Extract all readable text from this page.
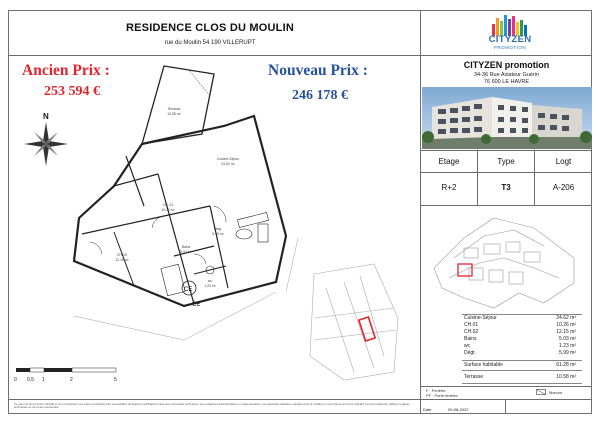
RESIDENCE CLOS DU MOULIN
rue du Moulin 54 190 VILLERUPT
Ancien Prix :
253 594 €
Nouveau Prix :
246 178 €
CITYZEN
PROMOTION
CITYZEN promotion
34-36 Rue Aviateur Guérin
76 600 LE HAVRE
Etage	Type	Logt
R+2	T3	A-206
Cuisine-Séjour	24.62 m²
CH.01	10.26 m²
CH.02	12.15 m²
Bains	5.03 m²
wc	1.23 m²
Dégt.	5,99 m²
Surface habitable	61.28 m²
Terrasse	10.58 m²
F : Fenêtre
PF : Porte fenêtre
Marche
Ce plan est fourni à titre indicatif et non contractuel. Les cotes et surfaces sont susceptibles de légères modifications dues aux nécessités techniques, aux exigences administratives ou réglementaires. Les appareils sanitaires, équipements et mobilier ne sont figurés qu'à titre indicatif. Les faux plafonds, soffites et gaines techniques ne sont pas représentés.	Date	09-08-2022
N
Terrasse
10.58 m²
Cuisine-Séjour
24.62 m²
CH. 01
10.26 m²
CH. 02
12.15 m²
Bains
5.03 m²
Dégt.
5.99 m²
wc
1.23 m²
CE
CE
0 0.5 1	2	5
